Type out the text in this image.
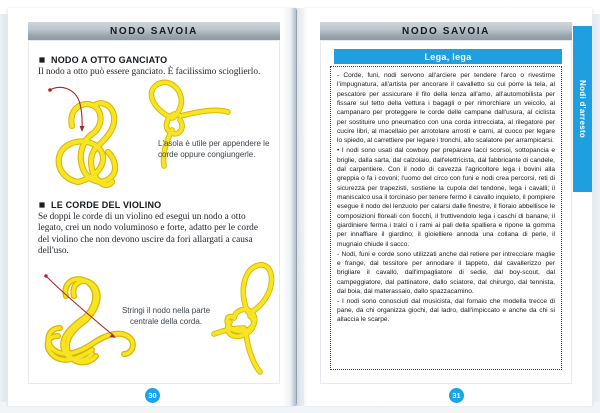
NODO SAVOIA
NODO A OTTO GANCIATO
Il nodo a otto può essere ganciato. È facilissimo scioglierlo.
L'asola è utile per appendere le corde oppure congiungerle.
LE CORDE DEL VIOLINO
Se doppi le corde di un violino ed esegui un nodo a otto legato, crei un nodo voluminoso e forte, adatto per le corde del violino che non devono uscire da fori allargati a causa dell'uso.
Stringi il nodo nella parte centrale della corda.
30
NODO SAVOIA
Lega, lega

- Corde, funi, nodi servono all'arciere per tendere l'arco o rivestirne l'impugnatura, all'artista per ancorare il cavalletto su cui porre la tela, al pescatore per assicurare il filo della lenza all'amo, all'automobilista per fissare sul tetto della vettura i bagagli o per rimorchiare un veicolo, al campanaro per proteggere le corde delle campane dall'usura, al ciclista per sostituire uno pneumatico con una corda intrecciata, al rilegatore per cucire libri, al macellaio per arrotolare arrosti e carni, al cuoco per legare lo spiedo, al carrettiere per legare i tronchi, allo scalatore per arrampicarsi.

• I nodi sono usati dal cowboy per preparare lacci scorsoi, sottopancia e briglie, dalla sarta, dal calzolaio, dall'elettricista, dal fabbricante di candele, dal carpentiere. Con il nodo di cavezza l'agricoltore lega i bovini alla greppia o fa i covoni; l'uomo del circo con funi e nodi crea percorsi, reti di sicurezza per trapezisti, sostiene la cupola del tendone, lega i cavalli; il maniscalco usa il torcinaso per tenere fermo il cavallo inquieto, il pompiere esegue il nodo del lenzuolo per calarsi dalle finestre, il fioraio abbellisce le composizioni floreali con fiocchi, il fruttivendolo lega i caschi di banane, il giardiniere ferma i tralci o i rami ai pali della spalliera e ripone la gomma per innaffiare il giardino; il gioielliere annoda una collana di perle, il mugnaio chiude il sacco.

- Nodi, funi e corde sono utilizzati anche dal retiere per intrecciare maglie e frange, dal tessitore per annodare il tappeto, dal cavallerizzo per brigliare il cavallo, dall'impagliatore di sedie, dal boy-scout, dal campeggiatore, dal pattinatore, dallo sciatore, dal chirurgo, dal tennista, dal boia, dal materassaio, dallo spazzacamino.

- I nodi sono conosciuti dal musicista, dal fornaio che modella trecce di pane, da chi organizza giochi, dal ladro, dall'impiccato e anche da chi si allaccia le scarpe.

Nodi d'arresto
31
